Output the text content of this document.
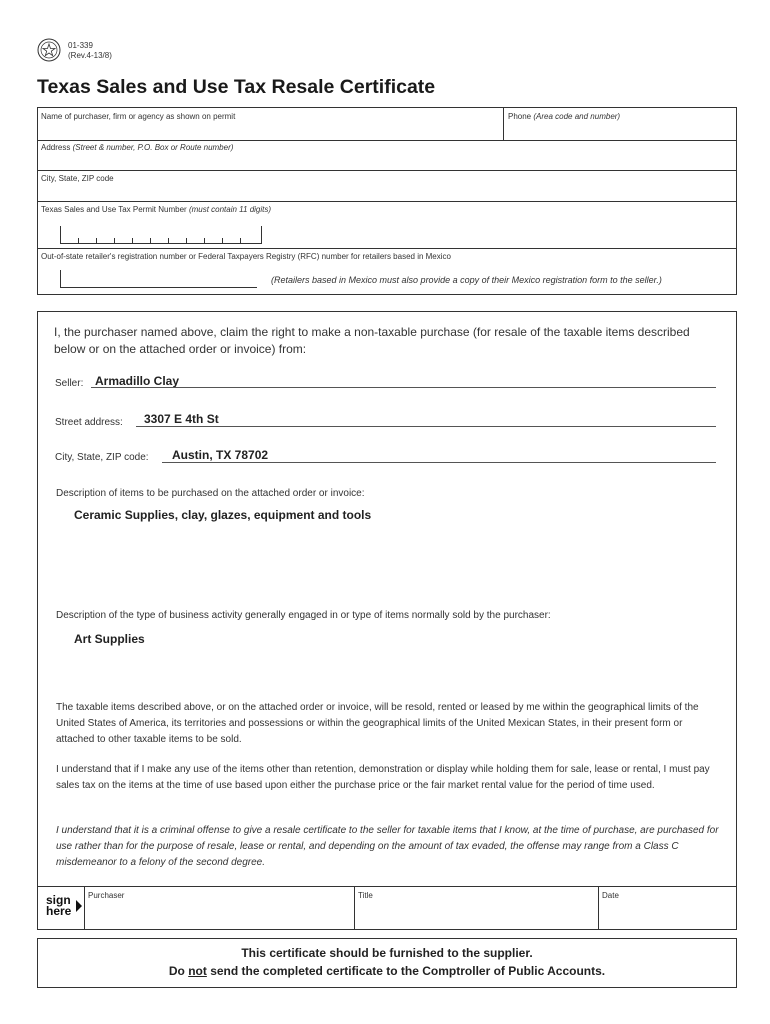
01-339
(Rev.4-13/8)
Texas Sales and Use Tax Resale Certificate
Name of purchaser, firm or agency as shown on permit	Phone (Area code and number)
Address (Street & number, P.O. Box or Route number)
City, State, ZIP code
Texas Sales and Use Tax Permit Number (must contain 11 digits)
Out-of-state retailer's registration number or Federal Taxpayers Registry (RFC) number for retailers based in Mexico
(Retailers based in Mexico must also provide a copy of their Mexico registration form to the seller.)
I, the purchaser named above, claim the right to make a non-taxable purchase (for resale of the taxable items described below or on the attached order or invoice) from:
Seller: Armadillo Clay
Street address: 3307 E 4th St
City, State, ZIP code: Austin, TX 78702
Description of items to be purchased on the attached order or invoice:
Ceramic Supplies, clay, glazes, equipment and tools
Description of the type of business activity generally engaged in or type of items normally sold by the purchaser:
Art Supplies
The taxable items described above, or on the attached order or invoice, will be resold, rented or leased by me within the geographical limits of the United States of America, its territories and possessions or within the geographical limits of the United Mexican States, in their present form or attached to other taxable items to be sold.
I understand that if I make any use of the items other than retention, demonstration or display while holding them for sale, lease or rental, I must pay sales tax on the items at the time of use based upon either the purchase price or the fair market rental value for the period of time used.
I understand that it is a criminal offense to give a resale certificate to the seller for taxable items that I know, at the time of purchase, are purchased for use rather than for the purpose of resale, lease or rental, and depending on the amount of tax evaded, the offense may range from a Class C misdemeanor to a felony of the second degree.
sign
here
Purchaser	Title	Date
This certificate should be furnished to the supplier.
Do not send the completed certificate to the Comptroller of Public Accounts.
